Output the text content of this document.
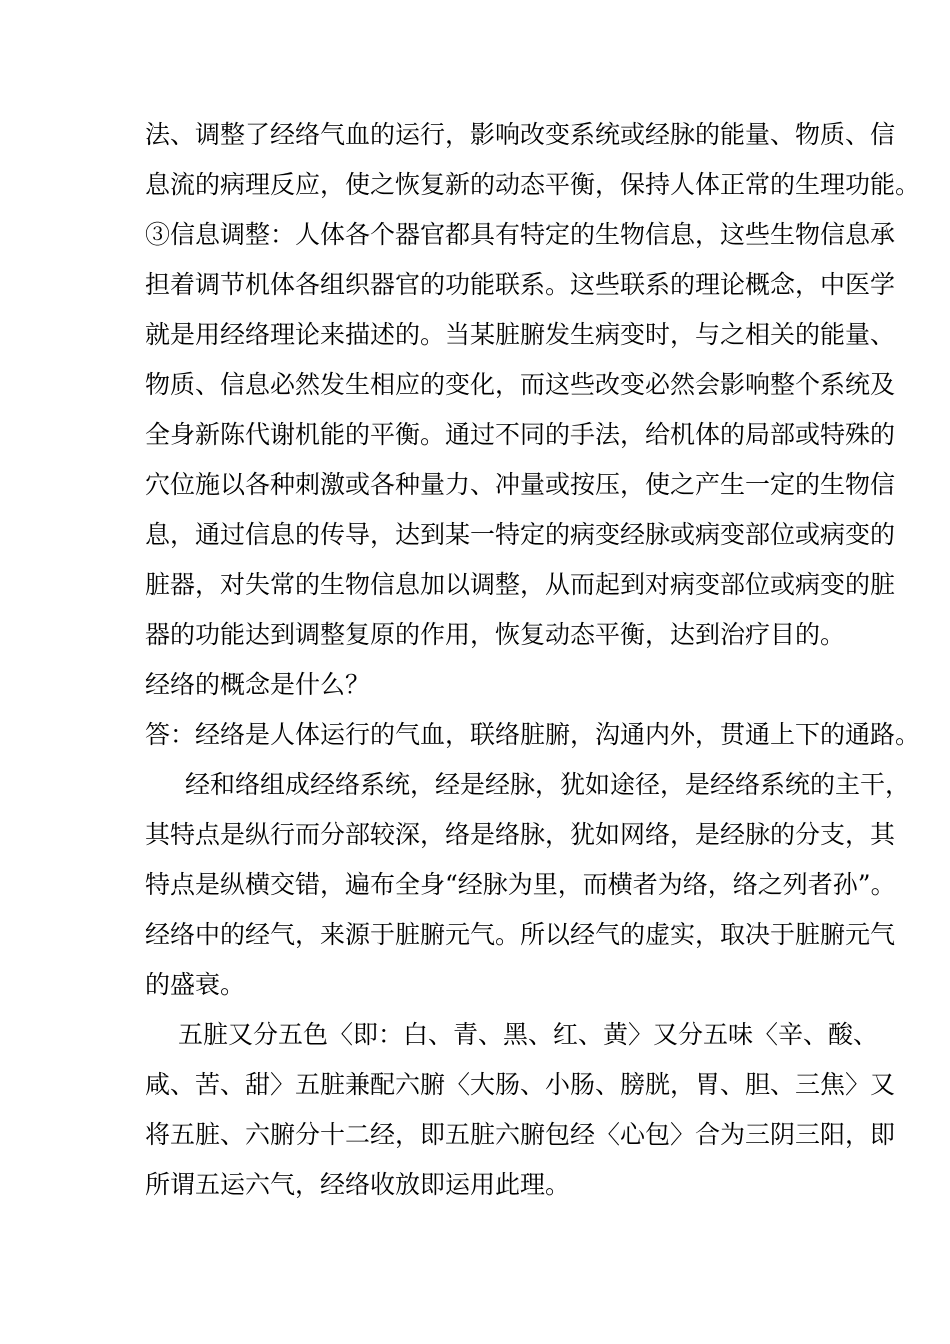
法、调整了经络气血的运行，影响改变系统或经脉的能量、物质、信
息流的病理反应，使之恢复新的动态平衡，保持人体正常的生理功能。
③信息调整：人体各个器官都具有特定的生物信息，这些生物信息承
担着调节机体各组织器官的功能联系。这些联系的理论概念，中医学
就是用经络理论来描述的。当某脏腑发生病变时，与之相关的能量、
物质、信息必然发生相应的变化，而这些改变必然会影响整个系统及
全身新陈代谢机能的平衡。通过不同的手法，给机体的局部或特殊的
穴位施以各种刺激或各种量力、冲量或按压，使之产生一定的生物信
息，通过信息的传导，达到某一特定的病变经脉或病变部位或病变的
脏器，对失常的生物信息加以调整，从而起到对病变部位或病变的脏
器的功能达到调整复原的作用，恢复动态平衡，达到治疗目的。
经络的概念是什么？
答：经络是人体运行的气血，联络脏腑，沟通内外，贯通上下的通路。
经和络组成经络系统，经是经脉，犹如途径，是经络系统的主干，
其特点是纵行而分部较深，络是络脉，犹如网络，是经脉的分支，其
特点是纵横交错，遍布全身“经脉为里，而横者为络，络之列者孙”。
经络中的经气，来源于脏腑元气。所以经气的虚实，取决于脏腑元气
的盛衰。
五脏又分五色〈即：白、青、黑、红、黄〉又分五味〈辛、酸、
咸、苦、甜〉五脏兼配六腑〈大肠、小肠、膀胱，胃、胆、三焦〉又
将五脏、六腑分十二经，即五脏六腑包经〈心包〉合为三阴三阳，即
所谓五运六气，经络收放即运用此理。
